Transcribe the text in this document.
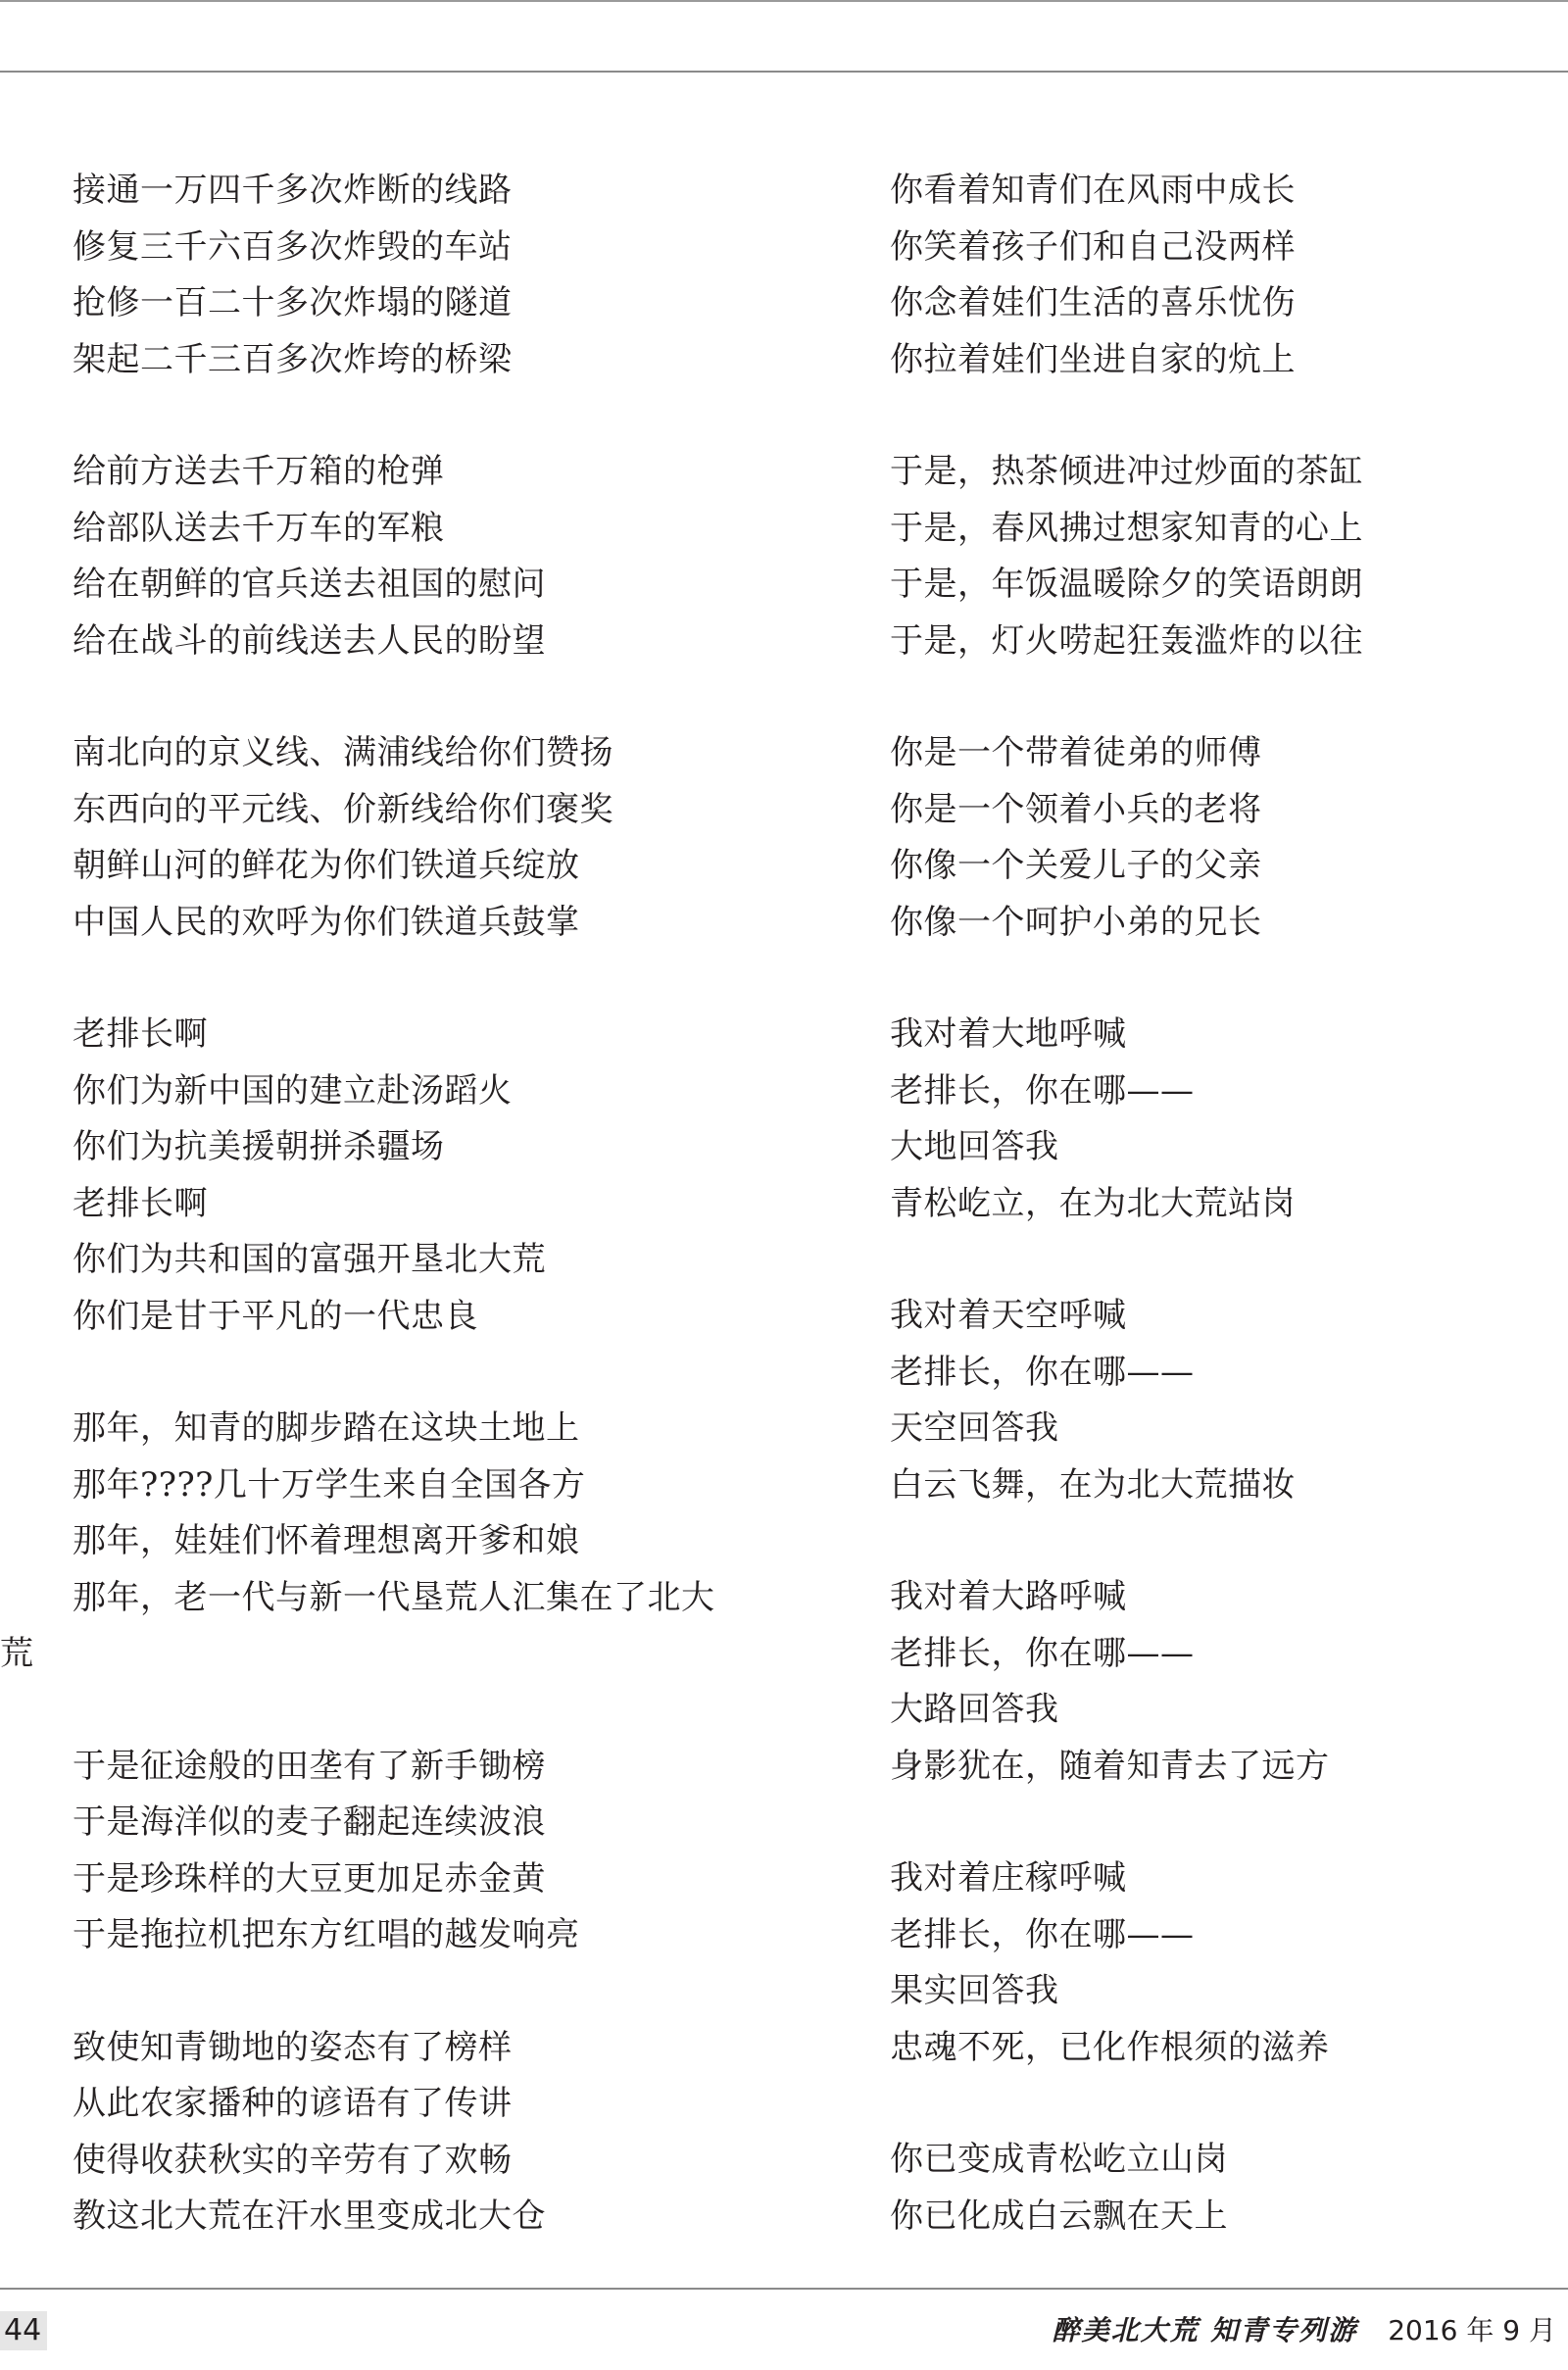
接通一万四千多次炸断的线路
修复三千六百多次炸毁的车站
抢修一百二十多次炸塌的隧道
架起二千三百多次炸垮的桥梁
给前方送去千万箱的枪弹
给部队送去千万车的军粮
给在朝鲜的官兵送去祖国的慰问
给在战斗的前线送去人民的盼望
南北向的京义线、满浦线给你们赞扬
东西向的平元线、价新线给你们褒奖
朝鲜山河的鲜花为你们铁道兵绽放
中国人民的欢呼为你们铁道兵鼓掌
老排长啊
你们为新中国的建立赴汤蹈火
你们为抗美援朝拼杀疆场
老排长啊
你们为共和国的富强开垦北大荒
你们是甘于平凡的一代忠良
那年，知青的脚步踏在这块土地上
那年????几十万学生来自全国各方
那年，娃娃们怀着理想离开爹和娘
那年，老一代与新一代垦荒人汇集在了北大
荒
于是征途般的田垄有了新手锄榜
于是海洋似的麦子翻起连续波浪
于是珍珠样的大豆更加足赤金黄
于是拖拉机把东方红唱的越发响亮
致使知青锄地的姿态有了榜样
从此农家播种的谚语有了传讲
使得收获秋实的辛劳有了欢畅
教这北大荒在汗水里变成北大仓
你看着知青们在风雨中成长
你笑着孩子们和自己没两样
你念着娃们生活的喜乐忧伤
你拉着娃们坐进自家的炕上
于是，热茶倾进冲过炒面的茶缸
于是，春风拂过想家知青的心上
于是，年饭温暖除夕的笑语朗朗
于是，灯火唠起狂轰滥炸的以往
你是一个带着徒弟的师傅
你是一个领着小兵的老将
你像一个关爱儿子的父亲
你像一个呵护小弟的兄长
我对着大地呼喊
老排长，你在哪——
大地回答我
青松屹立，在为北大荒站岗
我对着天空呼喊
老排长，你在哪——
天空回答我
白云飞舞，在为北大荒描妆
我对着大路呼喊
老排长，你在哪——
大路回答我
身影犹在，随着知青去了远方
我对着庄稼呼喊
老排长，你在哪——
果实回答我
忠魂不死，已化作根须的滋养
你已变成青松屹立山岗
你已化成白云飘在天上
44	醉美北大荒 知青专列游 2016 年 9 月
